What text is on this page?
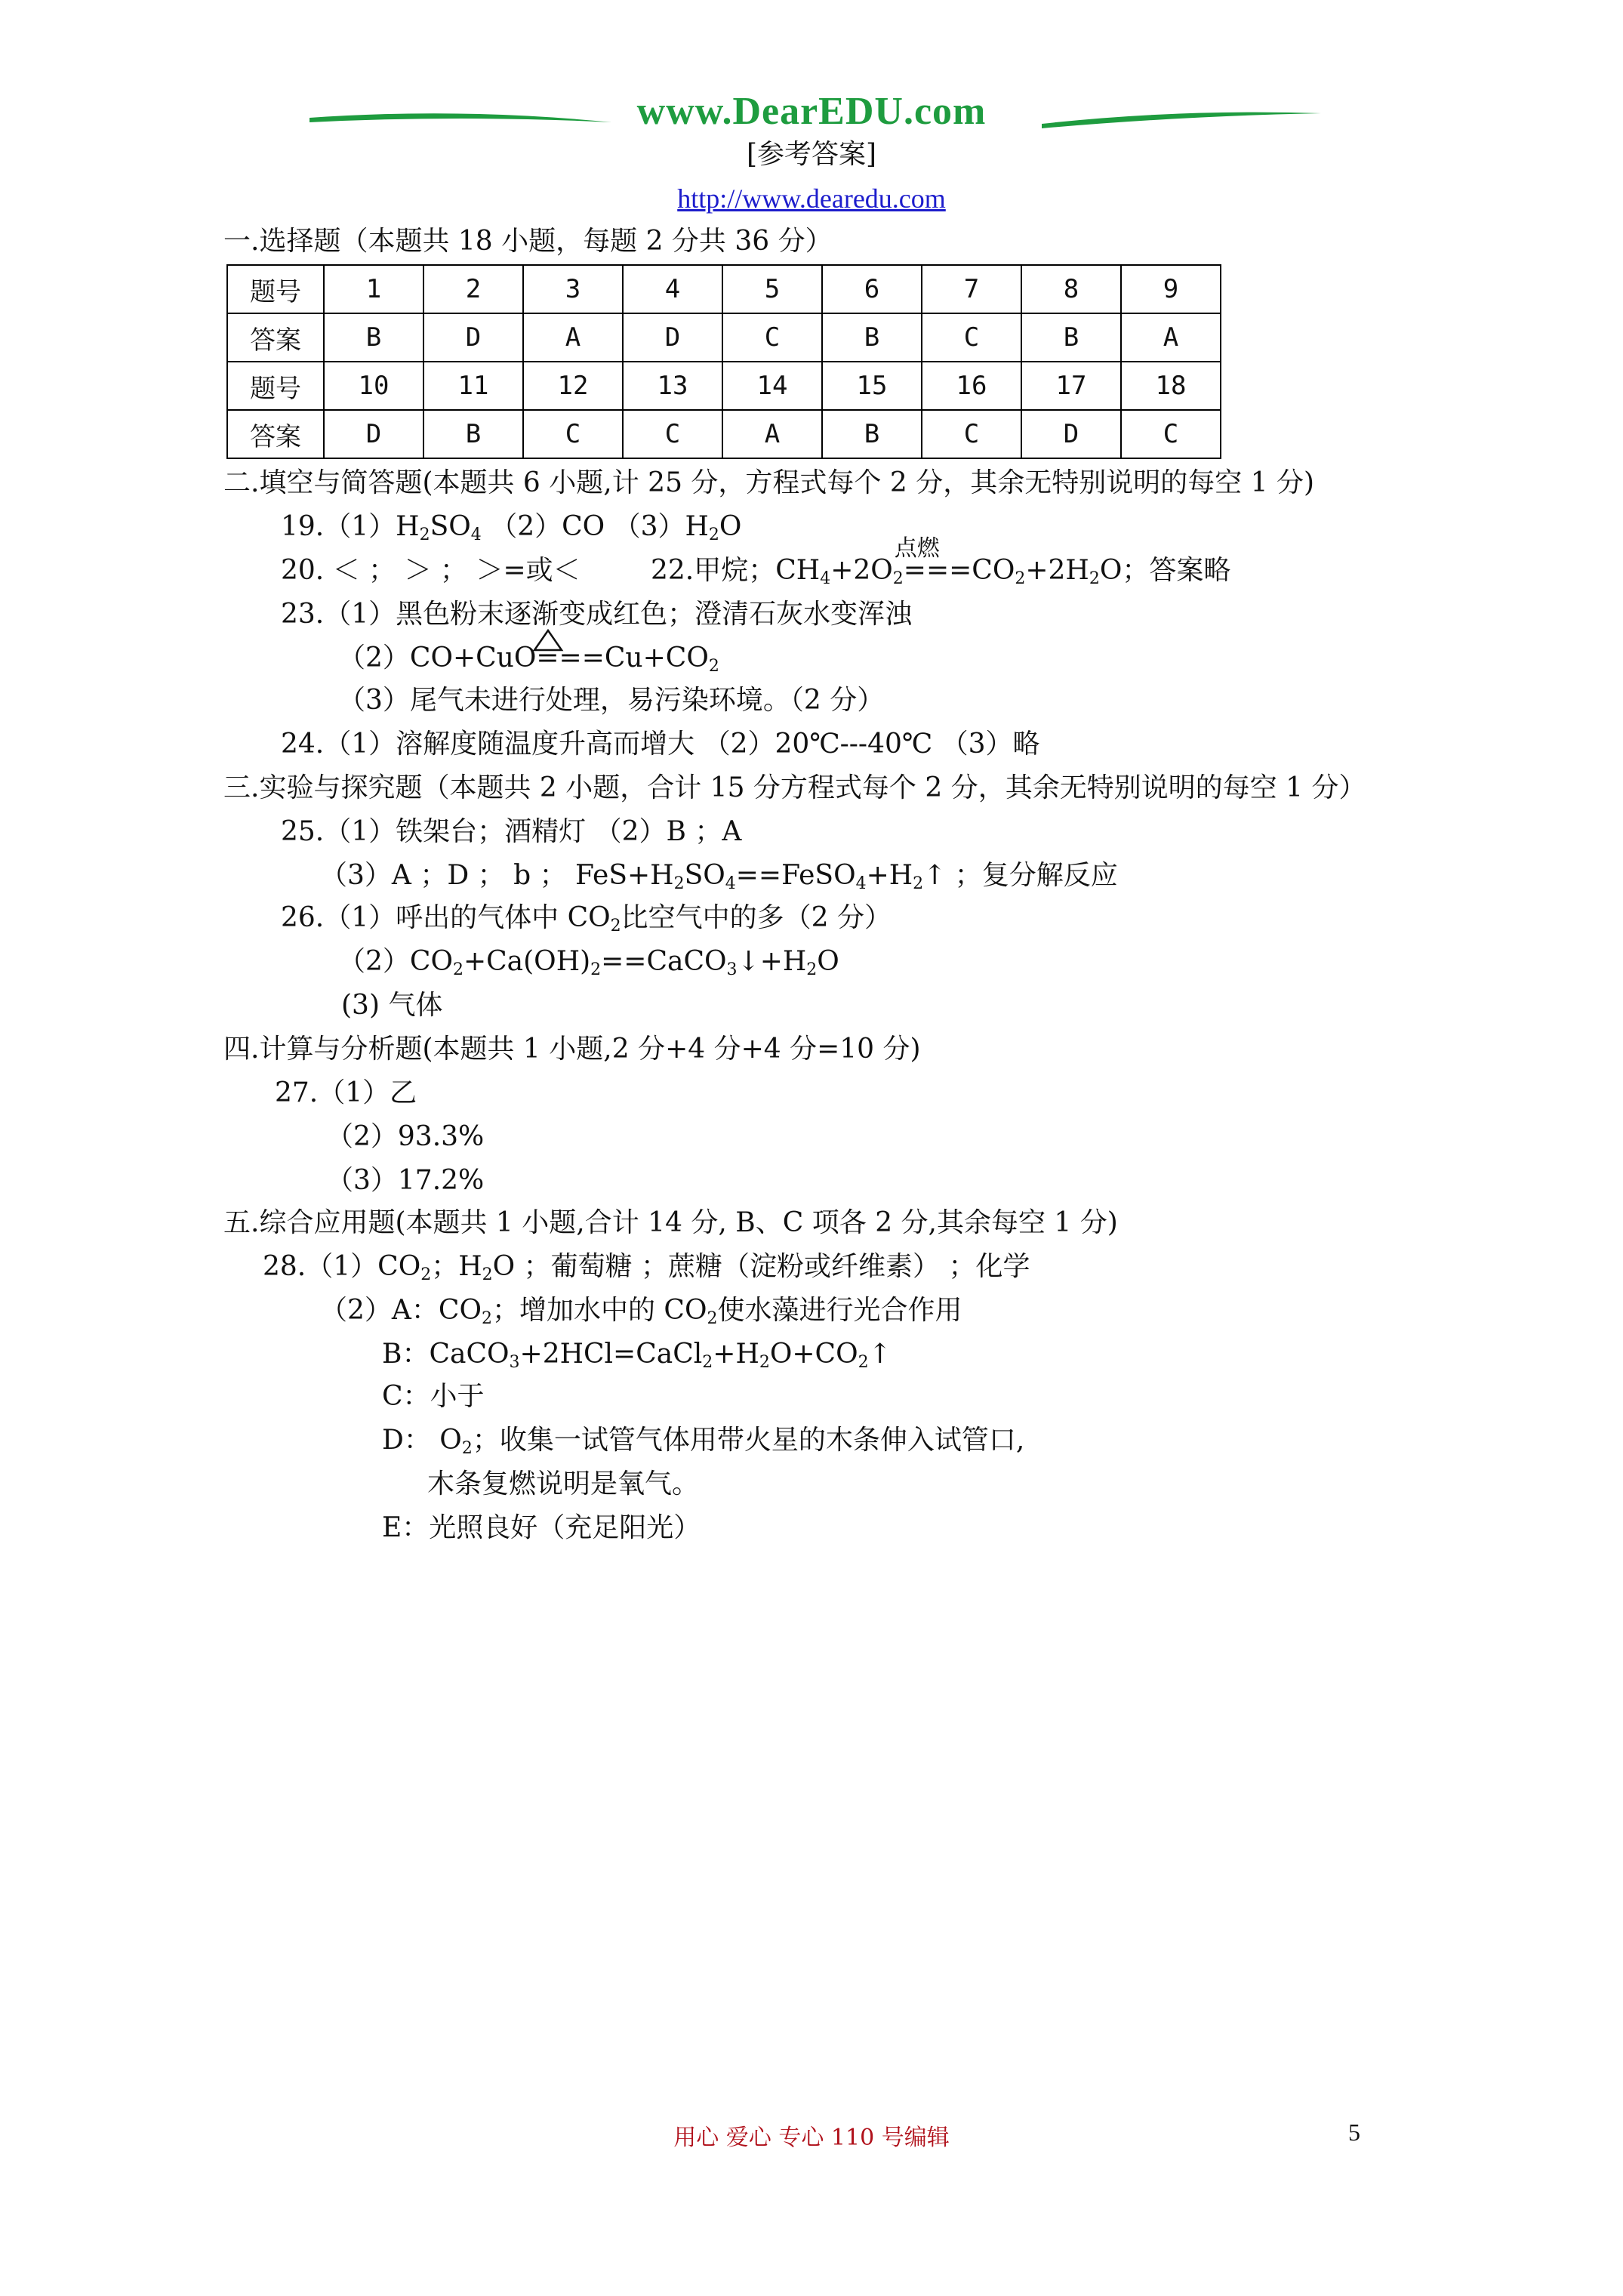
www.DearEDU.com
[参考答案]
http://www.dearedu.com
一.选择题（本题共 18 小题，每题 2 分共 36 分）
题号	1	2	3	4	5	6	7	8	9
答案	B	D	A	D	C	B	C	B	A
题号	10	11	12	13	14	15	16	17	18
答案	D	B	C	C	A	B	C	D	C
二.填空与简答题(本题共 6 小题,计 25 分，方程式每个 2 分，其余无特别说明的每空 1 分)
$19.(1)H_2SO_4$ （2）CO $(3)H_2O$
20. ＜ ； ＞ ； ＞=或＜	22.甲烷；$CH_4+2O_2$
点燃
$===CO_2+2H_2O$；答案略
23.（1）黑色粉末逐渐变成红色；澄清石灰水变浑浊
（2）CO+CuO
$===Cu+CO_2$
（3）尾气未进行处理，易污染环境。（2 分）
24.（1）溶解度随温度升高而增大 （2）20℃---40℃ （3）略
三.实验与探究题（本题共 2 小题，合计 15 分方程式每个 2 分，其余无特别说明的每空 1 分）
25.（1）铁架台；酒精灯 （2）B ；A
（3）A ；D ； b ； $FeS+H_2SO_4==FeSO_4+H_2↑$ ；复分解反应
26.（1）呼出的气体中 $CO_2$比空气中的多（2 分）
$(2)CO_2+Ca(OH)_2==CaCO_3↓+H_2O$
(3) 气体
四.计算与分析题(本题共 1 小题,2 分+4 分+4 分=10 分)
27.（1）乙
（2）93.3%
（3）17.2%
五.综合应用题(本题共 1 小题,合计 14 分, B、C 项各 2 分,其余每空 1 分)
$28.(1)CO_2$；$H_2O$ ；葡萄糖 ；蔗糖（淀粉或纤维素） ；化学
（2）A：$CO_2$；增加水中的 $CO_2$使水藻进行光合作用
B：$CaCO_3+2HCl=CaCl_2+H_2O+CO_2↑$
C：小于
D： $O_2$；收集一试管气体用带火星的木条伸入试管口,
木条复燃说明是氧气。
E：光照良好（充足阳光）
用心 爱心 专心 110 号编辑	5
